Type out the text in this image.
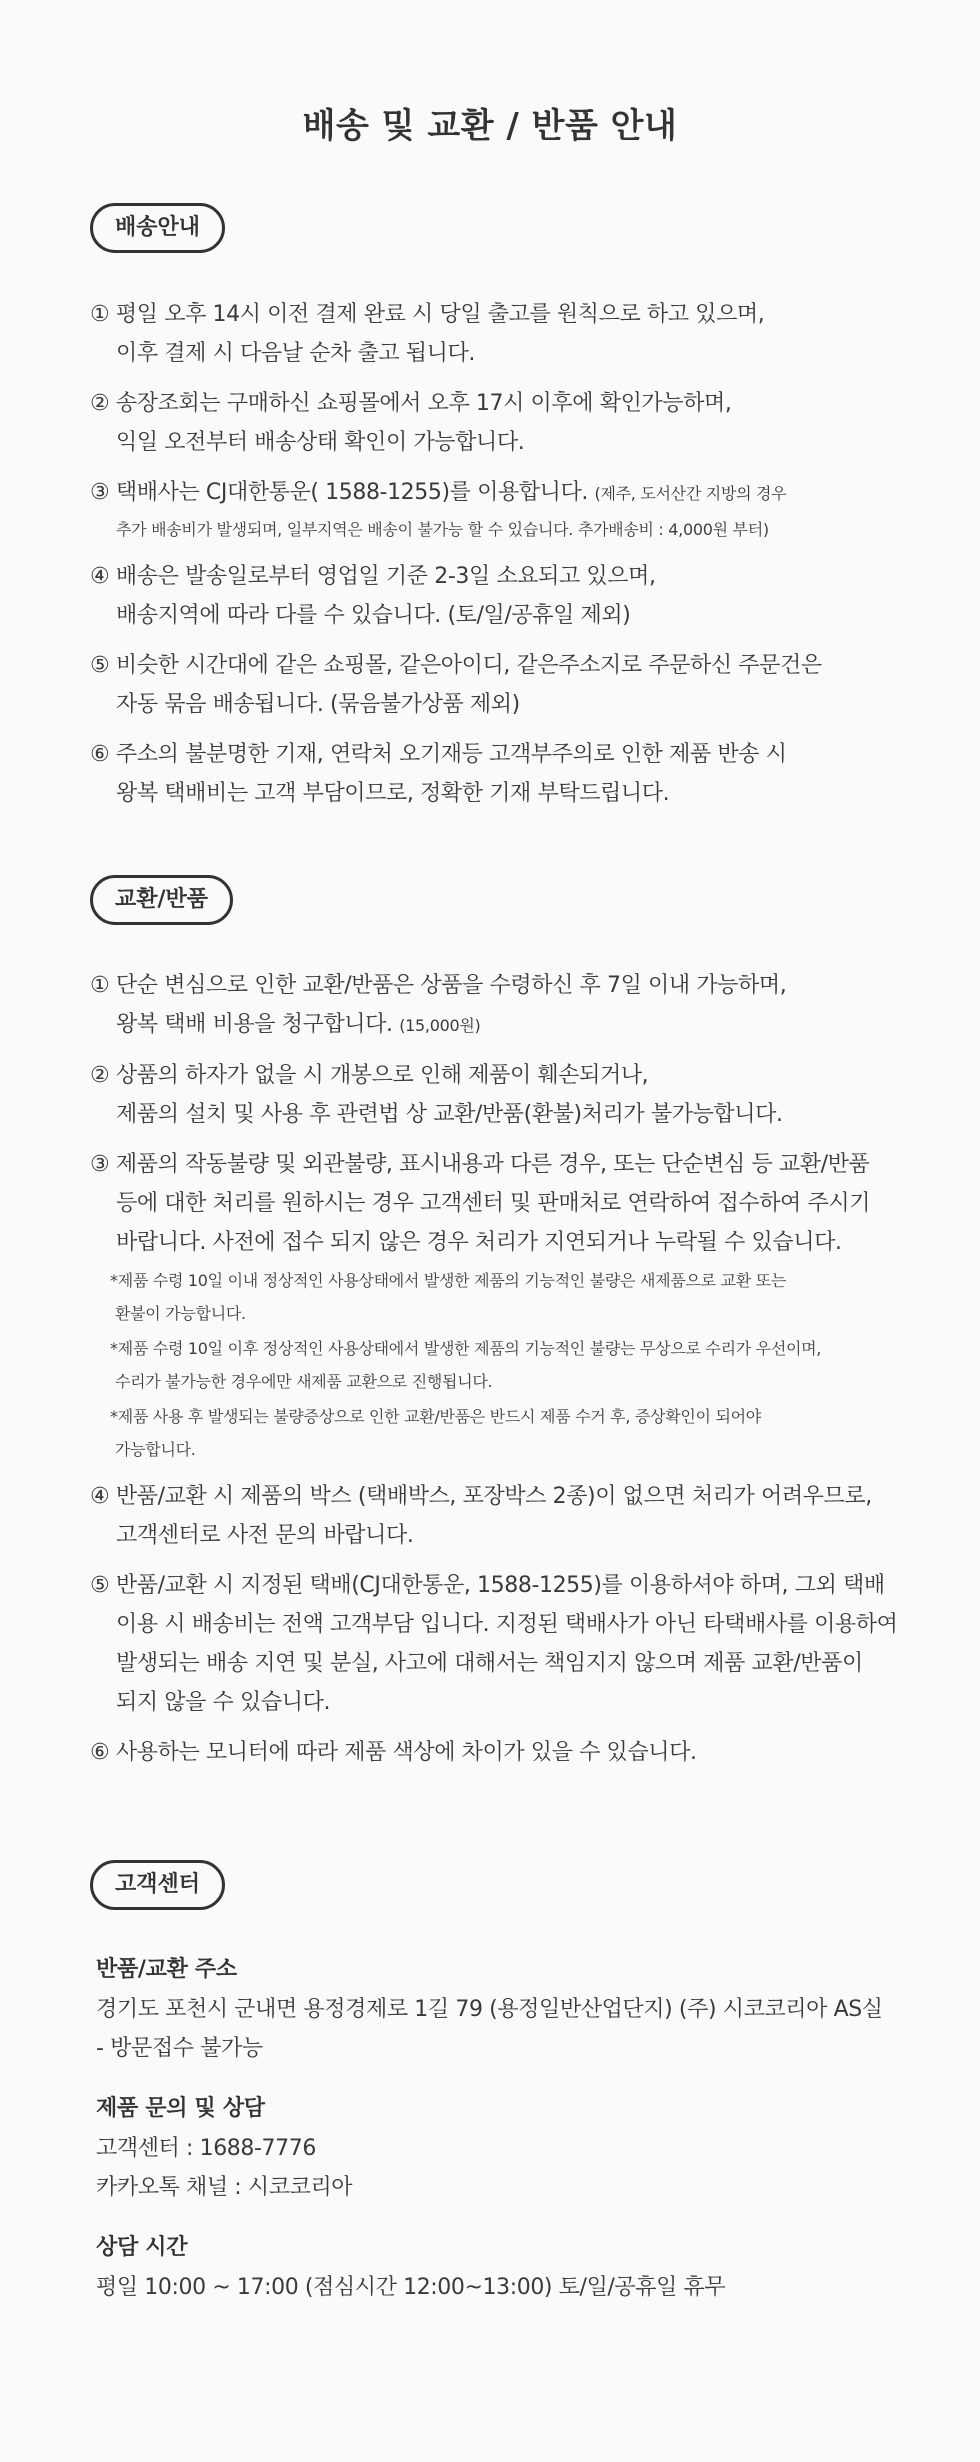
배송 및 교환 / 반품 안내
배송안내
① 평일 오후 14시 이전 결제 완료 시 당일 출고를 원칙으로 하고 있으며,
이후 결제 시 다음날 순차 출고 됩니다.
② 송장조회는 구매하신 쇼핑몰에서 오후 17시 이후에 확인가능하며,
익일 오전부터 배송상태 확인이 가능합니다.
③ 택배사는 CJ대한통운( 1588-1255)를 이용합니다. (제주, 도서산간 지방의 경우
추가 배송비가 발생되며, 일부지역은 배송이 불가능 할 수 있습니다. 추가배송비 : 4,000원 부터)
④ 배송은 발송일로부터 영업일 기준 2-3일 소요되고 있으며,
배송지역에 따라 다를 수 있습니다. (토/일/공휴일 제외)
⑤ 비슷한 시간대에 같은 쇼핑몰, 같은아이디, 같은주소지로 주문하신 주문건은
자동 묶음 배송됩니다. (묶음불가상품 제외)
⑥ 주소의 불분명한 기재, 연락처 오기재등 고객부주의로 인한 제품 반송 시
왕복 택배비는 고객 부담이므로, 정확한 기재 부탁드립니다.
교환/반품
① 단순 변심으로 인한 교환/반품은 상품을 수령하신 후 7일 이내 가능하며,
왕복 택배 비용을 청구합니다. (15,000원)
② 상품의 하자가 없을 시 개봉으로 인해 제품이 훼손되거나,
제품의 설치 및 사용 후 관련법 상 교환/반품(환불)처리가 불가능합니다.
③ 제품의 작동불량 및 외관불량, 표시내용과 다른 경우, 또는 단순변심 등 교환/반품
등에 대한 처리를 원하시는 경우 고객센터 및 판매처로 연락하여 접수하여 주시기
바랍니다. 사전에 접수 되지 않은 경우 처리가 지연되거나 누락될 수 있습니다.
*제품 수령 10일 이내 정상적인 사용상태에서 발생한 제품의 기능적인 불량은 새제품으로 교환 또는
환불이 가능합니다.
*제품 수령 10일 이후 정상적인 사용상태에서 발생한 제품의 기능적인 불량는 무상으로 수리가 우선이며,
수리가 불가능한 경우에만 새제품 교환으로 진행됩니다.
*제품 사용 후 발생되는 불량증상으로 인한 교환/반품은 반드시 제품 수거 후, 증상확인이 되어야
가능합니다.
④ 반품/교환 시 제품의 박스 (택배박스, 포장박스 2종)이 없으면 처리가 어려우므로,
고객센터로 사전 문의 바랍니다.
⑤ 반품/교환 시 지정된 택배(CJ대한통운, 1588-1255)를 이용하셔야 하며, 그외 택배
이용 시 배송비는 전액 고객부담 입니다. 지정된 택배사가 아닌 타택배사를 이용하여
발생되는 배송 지연 및 분실, 사고에 대해서는 책임지지 않으며 제품 교환/반품이
되지 않을 수 있습니다.
⑥ 사용하는 모니터에 따라 제품 색상에 차이가 있을 수 있습니다.
고객센터
반품/교환 주소
경기도 포천시 군내면 용정경제로 1길 79 (용정일반산업단지) (주) 시코코리아 AS실
- 방문접수 불가능
제품 문의 및 상담
고객센터 : 1688-7776
카카오톡 채널 : 시코코리아
상담 시간
평일 10:00 ~ 17:00 (점심시간 12:00~13:00) 토/일/공휴일 휴무
